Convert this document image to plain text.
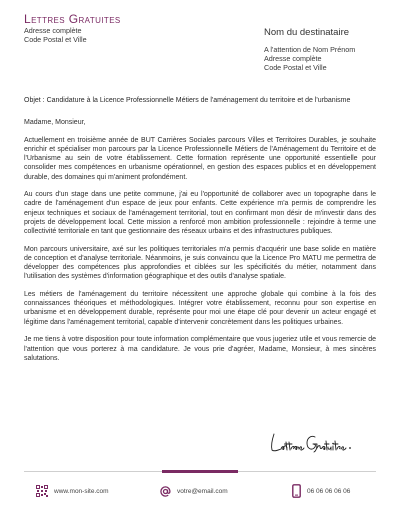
Lettres Gratuites
Adresse complète
Code Postal et Ville
Nom du destinataire
A l'attention de Nom Prénom
Adresse complète
Code Postal et Ville
Objet : Candidature à la Licence Professionnelle Métiers de l'aménagement du territoire et de l'urbanisme

Madame, Monsieur,

Actuellement en troisième année de BUT Carrières Sociales parcours Villes et Territoires Durables, je souhaite enrichir et spécialiser mon parcours par la Licence Professionnelle Métiers de l'Aménagement du Territoire et de l'Urbanisme au sein de votre établissement. Cette formation représente une opportunité essentielle pour consolider mes compétences en urbanisme opérationnel, en gestion des espaces publics et en développement durable, des domaines qui m'animent profondément.

Au cours d'un stage dans une petite commune, j'ai eu l'opportunité de collaborer avec un topographe dans le cadre de l'aménagement d'un espace de jeux pour enfants. Cette expérience m'a permis de comprendre les enjeux techniques et sociaux de l'aménagement territorial, tout en confirmant mon désir de m'investir dans des projets de développement local. Cette mission a renforcé mon ambition professionnelle : rejoindre à terme une collectivité territoriale en tant que gestionnaire des réseaux urbains et des infrastructures publiques.

Mon parcours universitaire, axé sur les politiques territoriales m'a permis d'acquérir une base solide en matière de conception et d'analyse territoriale. Néanmoins, je suis convaincu que la Licence Pro MATU me permettra de développer des compétences plus approfondies et ciblées sur les spécificités du métier, notamment dans l'utilisation des systèmes d'information géographique et des outils d'analyse spatiale.

Les métiers de l'aménagement du territoire nécessitent une approche globale qui combine à la fois des connaissances théoriques et méthodologiques. Intégrer votre établissement, reconnu pour son expertise en urbanisme et en développement durable, représente pour moi une étape clé pour devenir un acteur engagé et légitime dans l'aménagement territorial, capable d'intervenir concrètement dans les politiques urbaines.

Je me tiens à votre disposition pour toute information complémentaire que vous jugeriez utile et vous remercie de l'attention que vous porterez à ma candidature. Je vous prie d'agréer, Madame, Monsieur, à mes sincères salutations.

www.mon-site.com	votre@email.com	06 06 06 06 06
